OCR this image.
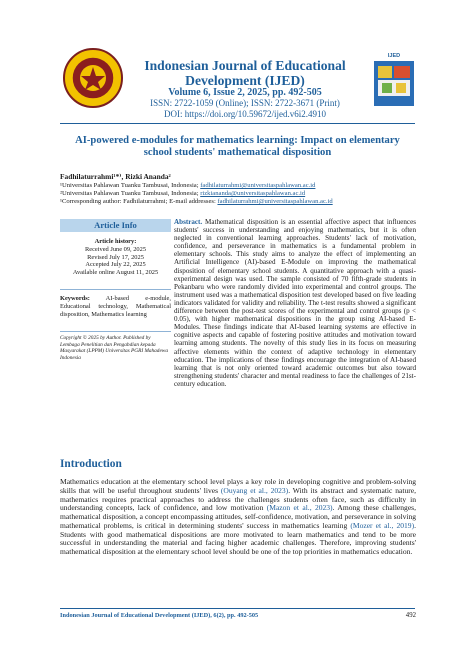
Indonesian Journal of Educational Development (IJED)
Volume 6, Issue 2, 2025, pp. 492-505
ISSN: 2722-1059 (Online); ISSN: 2722-3671 (Print)
DOI: https://doi.org/10.59672/ijed.v6i2.4910
IJED
AI-powered e-modules for mathematics learning: Impact on elementary school students' mathematical disposition
Fadhilaturrahmi¹*⁾, Rizki Ananda²
¹Universitas Pahlawan Tuanku Tambusai, Indonesia; fadhilaturrahmi@universitaspahlawan.ac.id
²Universitas Pahlawan Tuanku Tambusai, Indonesia; rizkiananda@universitaspahlawan.ac.id
¹Corresponding author: Fadhilaturrahmi; E-mail addresses: fadhilaturrahmi@universitaspahlawan.ac.id
Article Info
Article history:
Received June 09, 2025
Revised July 17, 2025
Accepted July 22, 2025
Available online August 11, 2025
Keywords: AI-based e-module, Educational technology, Mathematical disposition, Mathematics learning
Copyright © 2025 by Author. Published by Lembaga Penelitian dan Pengabdian kepada Masyarakat (LPPM) Universitas PGRI Mahadewa Indonesia
Abstract. Mathematical disposition is an essential affective aspect that influences students' success in understanding and enjoying mathematics, but it is often neglected in conventional learning approaches. Students' lack of motivation, confidence, and perseverance in mathematics is a fundamental problem in elementary schools. This study aims to analyze the effect of implementing an Artificial Intelligence (AI)-based E-Module on improving the mathematical disposition of elementary school students. A quantitative approach with a quasi-experimental design was used. The sample consisted of 70 fifth-grade students in Pekanbaru who were randomly divided into experimental and control groups. The instrument used was a mathematical disposition test developed based on five leading indicators validated for validity and reliability. The t-test results showed a significant difference between the post-test scores of the experimental and control groups (p < 0.05), with higher mathematical dispositions in the group using AI-based E-Modules. These findings indicate that AI-based learning systems are effective in cognitive aspects and capable of fostering positive attitudes and motivation toward learning among students. The novelty of this study lies in its focus on measuring affective elements within the context of adaptive technology in elementary education. The implications of these findings encourage the integration of AI-based learning that is not only oriented toward academic outcomes but also toward strengthening students' character and mental readiness to face the challenges of 21st-century education.
Introduction
Mathematics education at the elementary school level plays a key role in developing cognitive and problem-solving skills that will be useful throughout students' lives (Ouyang et al., 2023). With its abstract and systematic nature, mathematics requires practical approaches to address the challenges students often face, such as difficulty in understanding concepts, lack of confidence, and low motivation (Mazon et al., 2023). Among these challenges, mathematical disposition, a concept encompassing attitudes, self-confidence, motivation, and perseverance in solving mathematical problems, is critical in determining students' success in mathematics learning (Mozer et al., 2019). Students with good mathematical dispositions are more motivated to learn mathematics and tend to be more successful in understanding the material and facing higher academic challenges. Therefore, improving students' mathematical disposition at the elementary school level should be one of the top priorities in mathematics education.
Indonesian Journal of Educational Development (IJED), 6(2), pp. 492-505	492
